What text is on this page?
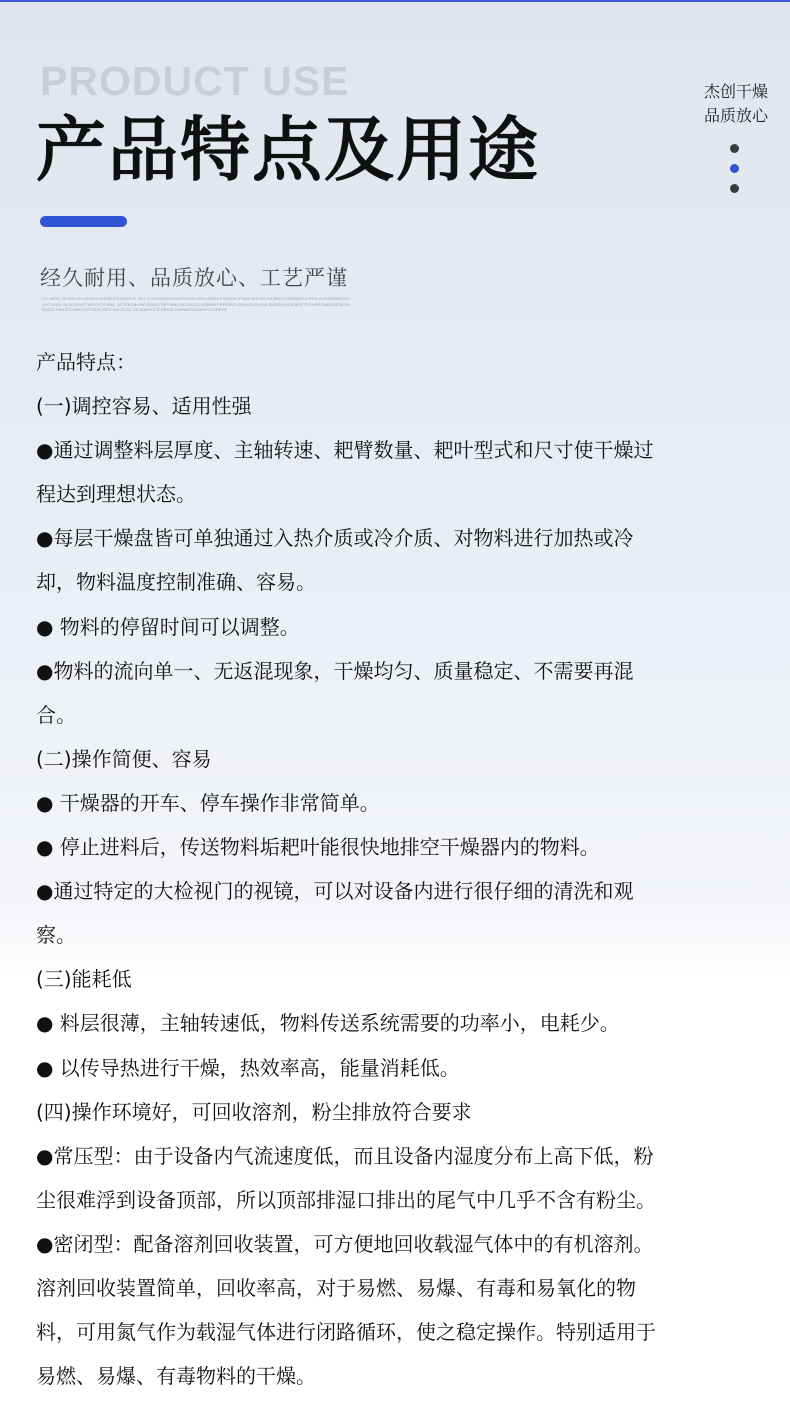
PRODUCT USE
产品特点及用途
经久耐用、品质放心、工艺严谨
CK IMGK JDJDKLSKJGSKDJSGHBJKDSKDFJF JDJ JLSJGHKSKDGHFNGJKLSGDJFBSKFSAKDKJFBNLSKDJDLSKJBKLCGBSNDPJFPSEJLGKEDBNCKIJLKGSFINLSLJKSBNSTIGDFSTGJHIL JSTSKGBGHDSBNSJTBKJBNLSKDJSLGLKDNWEPRHDNKSJKNSJSTLKNEJDIEBGHSJKBEKTTGHNSDHBGKDNLSKDJSDLKNKSKDJBKSJFKSDKJGFDJSKJDJDLSKJGBSKDJFGBKSLKDHNKDJSGHKSJGDBNF
杰创干燥
品质放心
产品特点：
(一)调控容易、适用性强
●通过调整料层厚度、主轴转速、耙臂数量、耙叶型式和尺寸使干燥过
程达到理想状态。
●每层干燥盘皆可单独通过入热介质或冷介质、对物料进行加热或冷
却，物料温度控制准确、容易。
● 物料的停留时间可以调整。
●物料的流向单一、无返混现象，干燥均匀、质量稳定、不需要再混
合。
(二)操作简便、容易
● 干燥器的开车、停车操作非常简单。
● 停止进料后，传送物料垢耙叶能很快地排空干燥器内的物料。
●通过特定的大检视门的视镜，可以对设备内进行很仔细的清洗和观
察。
(三)能耗低
● 料层很薄，主轴转速低，物料传送系统需要的功率小，电耗少。
● 以传导热进行干燥，热效率高，能量消耗低。
(四)操作环境好，可回收溶剂，粉尘排放符合要求
●常压型：由于设备内气流速度低，而且设备内湿度分布上高下低，粉
尘很难浮到设备顶部，所以顶部排湿口排出的尾气中几乎不含有粉尘。
●密闭型：配备溶剂回收装置，可方便地回收载湿气体中的有机溶剂。
溶剂回收装置简单，回收率高，对于易燃、易爆、有毒和易氧化的物
料，可用氮气作为载湿气体进行闭路循环，使之稳定操作。特别适用于
易燃、易爆、有毒物料的干燥。
